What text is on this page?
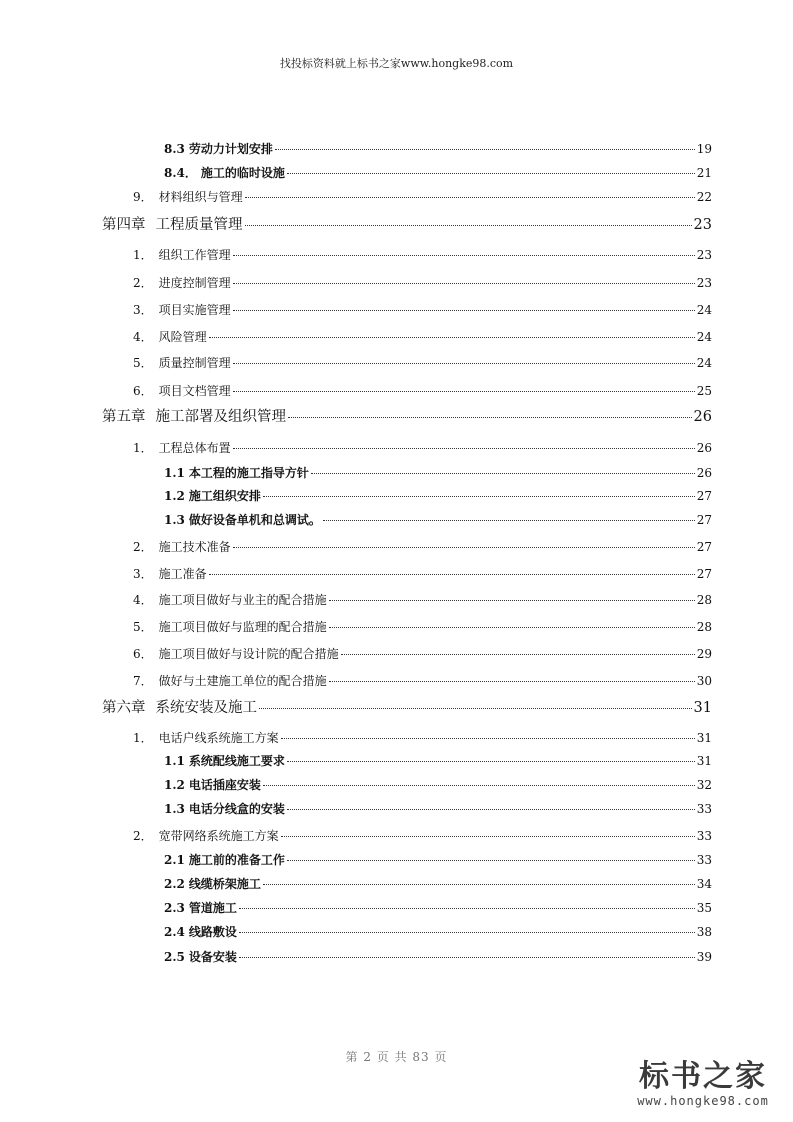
找投标资料就上标书之家www.hongke98.com
8.3 劳动力计划安排	19
8.4． 施工的临时设施	21
9． 材料组织与管理	22
第四章 工程质量管理	23
1． 组织工作管理	23
2． 进度控制管理	23
3． 项目实施管理	24
4． 风险管理	24
5． 质量控制管理	24
6． 项目文档管理	25
第五章 施工部署及组织管理	26
1． 工程总体布置	26
1.1 本工程的施工指导方针	26
1.2 施工组织安排	27
1.3 做好设备单机和总调试。	27
2． 施工技术准备	27
3． 施工准备	27
4． 施工项目做好与业主的配合措施	28
5． 施工项目做好与监理的配合措施	28
6． 施工项目做好与设计院的配合措施	29
7． 做好与土建施工单位的配合措施	30
第六章 系统安装及施工	31
1． 电话户线系统施工方案	31
1.1 系统配线施工要求	31
1.2 电话插座安装	32
1.3 电话分线盒的安装	33
2． 宽带网络系统施工方案	33
2.1 施工前的准备工作	33
2.2 线缆桥架施工	34
2.3 管道施工	35
2.4 线路敷设	38
2.5 设备安装	39
第 2 页 共 83 页
标书之家
www.hongke98.com
